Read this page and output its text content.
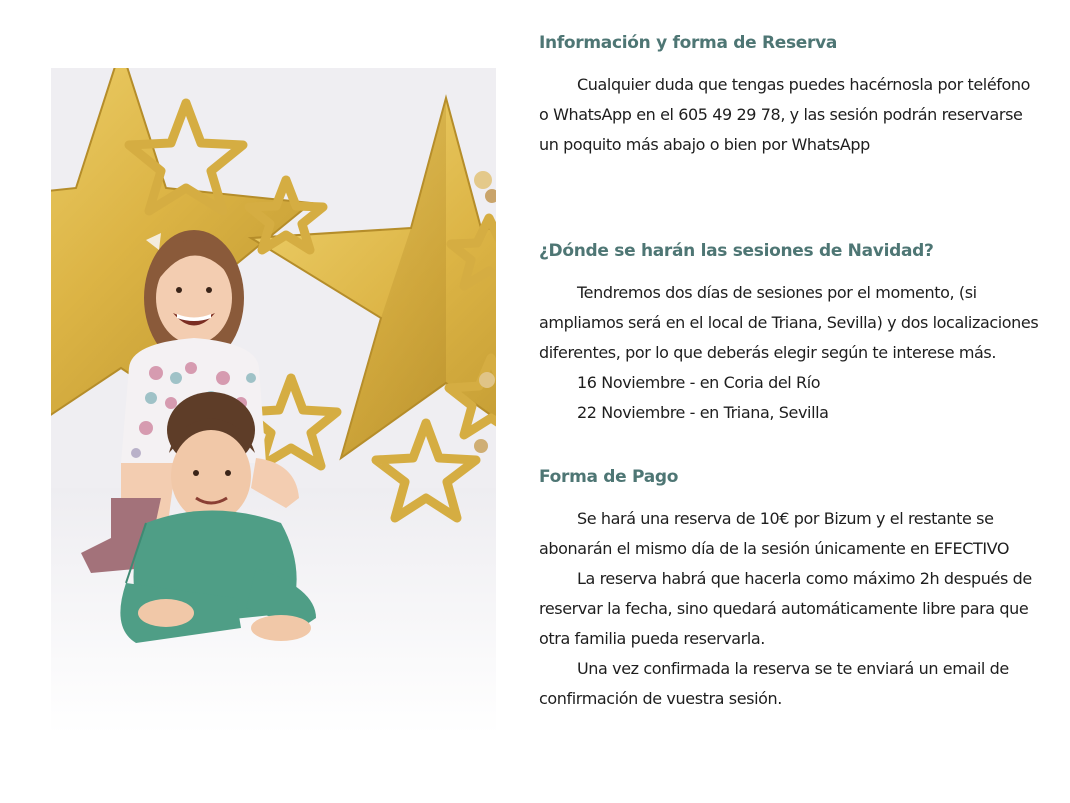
Información y forma de Reserva

Cualquier duda que tengas puedes hacérnosla por teléfono o WhatsApp en el 605 49 29 78, y las sesión podrán reservarse un poquito más abajo o bien por WhatsApp

¿Dónde se harán las sesiones de Navidad?

Tendremos dos días de sesiones por el momento, (si ampliamos será en el local de Triana, Sevilla) y dos localizaciones diferentes, por lo que deberás elegir según te interese más.

16 Noviembre - en Coria del Río

22 Noviembre - en Triana, Sevilla

Forma de Pago

Se hará una reserva de 10€ por Bizum y el restante se abonarán el mismo día de la sesión únicamente en EFECTIVO

La reserva habrá que hacerla como máximo 2h después de reservar la fecha, sino quedará automáticamente libre para que otra familia pueda reservarla.

Una vez confirmada la reserva se te enviará un email de confirmación de vuestra sesión.
